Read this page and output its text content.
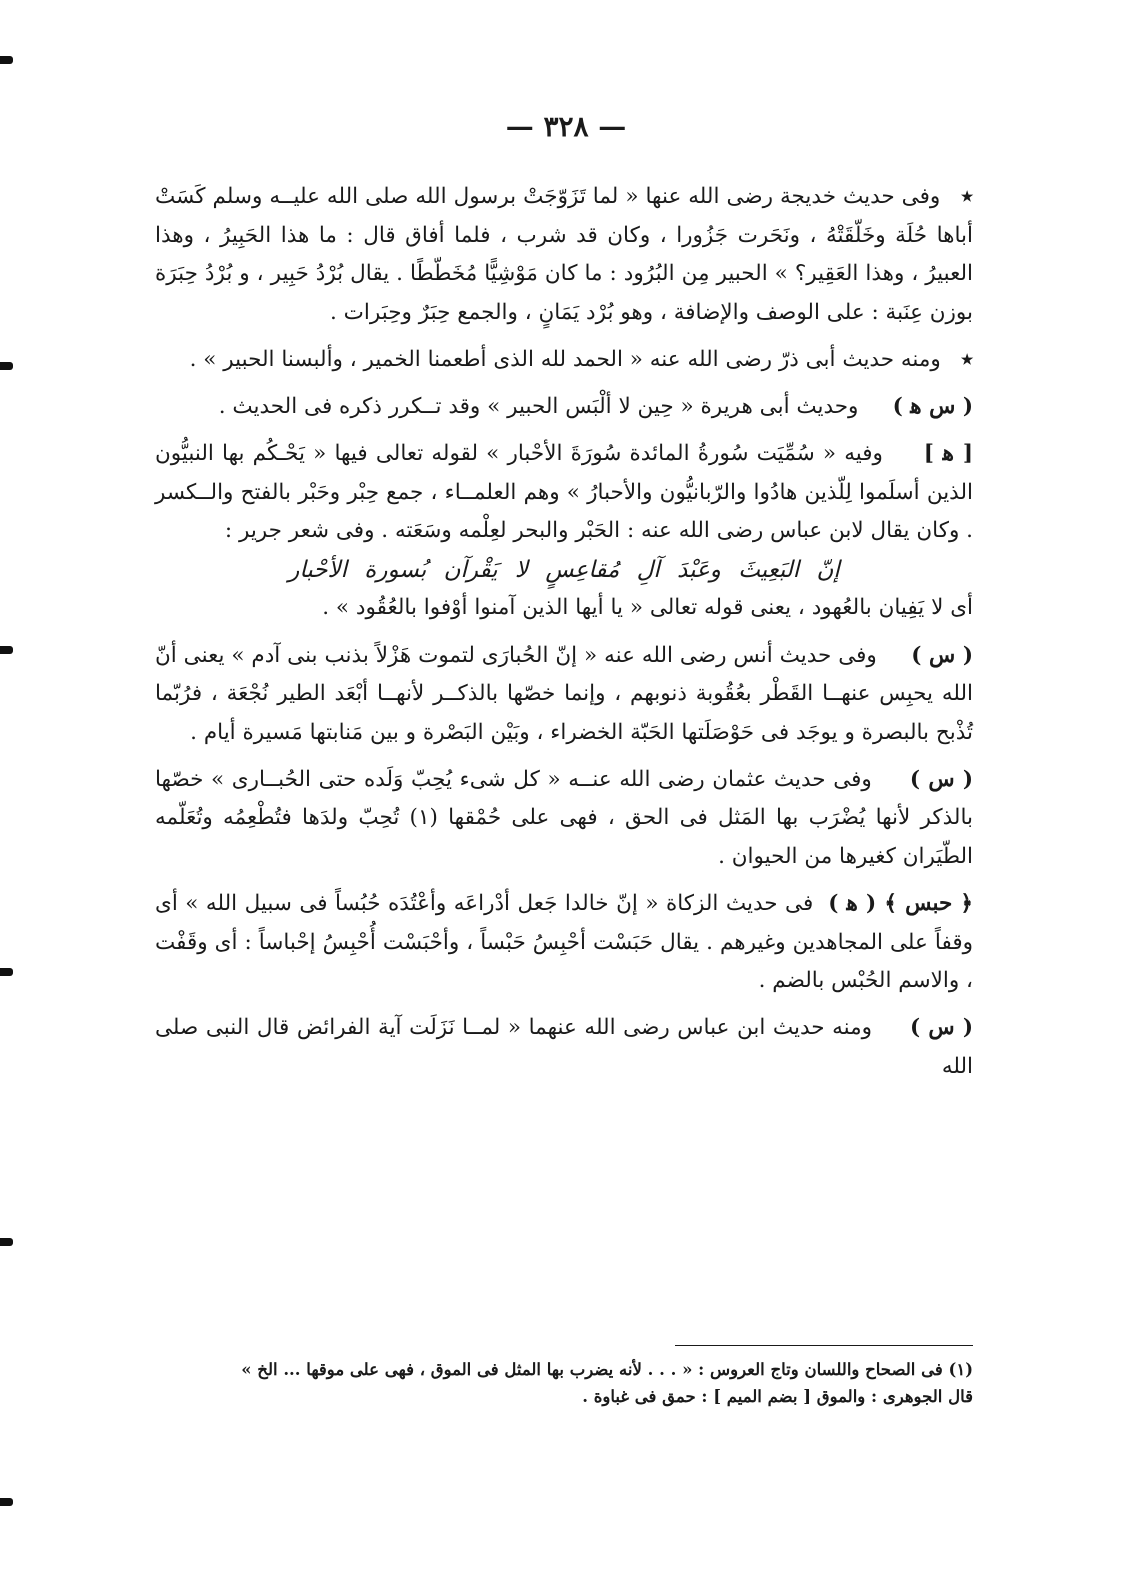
— ٣٢٨ —

٭   وفى حديث خديجة رضى الله عنها « لما تَزَوّجَتْ برسول الله صلى الله عليــه وسلم كَسَتْ أباها حُلَة وخَلّقَتْهُ ، ونَحَرت جَزُورا ، وكان قد شرب ، فلما أفاق قال : ما هذا الحَبِيرُ ، وهذا العبيرُ ، وهذا العَقِير؟ » الحبير مِن البُرُود : ما كان مَوْشِيًّا مُخَطّطًا . يقال بُرْدُ حَبِير ، و بُرْدُ حِبَرَة بوزن عِنَبة : على الوصف والإضافة ، وهو بُرْد يَمَانٍ ، والجمع حِبَرٌ وحِبَرات .

٭   ومنه حديث أبى ذرّ رضى الله عنه « الحمد لله الذى أطعمنا الخمير ، وألبسنا الحبير » .

( س ﻫ )     وحديث أبى هريرة « حِين لا ألْبَس الحبير » وقد تــكرر ذكره فى الحديث .

[ ﻫ ]     وفيه « سُمِّيَت سُورةُ المائدة سُورَةَ الأحْبار » لقوله تعالى فيها « يَحْـكُم بها النبيُّون الذين أسلَموا لِلّذين هادُوا والرّبانيُّون والأحبارُ » وهم العلمــاء ، جمع حِبْر وحَبْر بالفتح والــكسر . وكان يقال لابن عباس رضى الله عنه : الحَبْر والبحر لعِلْمه وسَعَته . وفى شعر جرير :

إنّ البَعِيثَ وعَبْدَ آلِ مُقاعِسٍ لا يَقْرآن بُسورة الأحْبار

أى لا يَفِيان بالعُهود ، يعنى قوله تعالى « يا أيها الذين آمنوا أوْفوا بالعُقُود » .

( س )     وفى حديث أنس رضى الله عنه « إنّ الحُبارَى لتموت هَزْلاً بذنب بنى آدم » يعنى أنّ الله يحبِس عنهــا القَطْر بعُقُوبة ذنوبهم ، وإنما خصّها بالذكــر لأنهــا أبْعَد الطير نُجْعَة ، فرُبّما تُذْبح بالبصرة و يوجَد فى حَوْصَلَتها الحَبّة الخضراء ، وبَيْن البَصْرة و بين مَنابتها مَسيرة أيام .

( س )     وفى حديث عثمان رضى الله عنــه « كل شىء يُحِبّ وَلَده حتى الحُبــارى » خصّها بالذكر لأنها يُضْرَب بها المَثل فى الحق ، فهى على حُمْقها (١) تُحِبّ ولدَها فتُطْعِمُه وتُعَلّمه الطّيَران كغيرها من الحيوان .

﴿ حبس ﴾ ( ﻫ )  فى حديث الزكاة « إنّ خالدا جَعل أدْراعَه وأعْتُدَه حُبُساً فى سبيل الله » أى وقفاً على المجاهدين وغيرهم . يقال حَبَسْت أحْبِسُ حَبْساً ، وأحْبَسْت أُحْبِسُ إحْباساً : أى وقَفْت ، والاسم الحُبْس بالضم .

( س )     ومنه حديث ابن عباس رضى الله عنهما « لمــا نَزَلَت آية الفرائض قال النبى صلى الله

(١) فى الصحاح واللسان وتاج العروس : « . . . لأنه يضرب بها المثل فى الموق ، فهى على موقها ... الخ »

قال الجوهرى : والموق [ بضم الميم ] : حمق فى غباوة .
